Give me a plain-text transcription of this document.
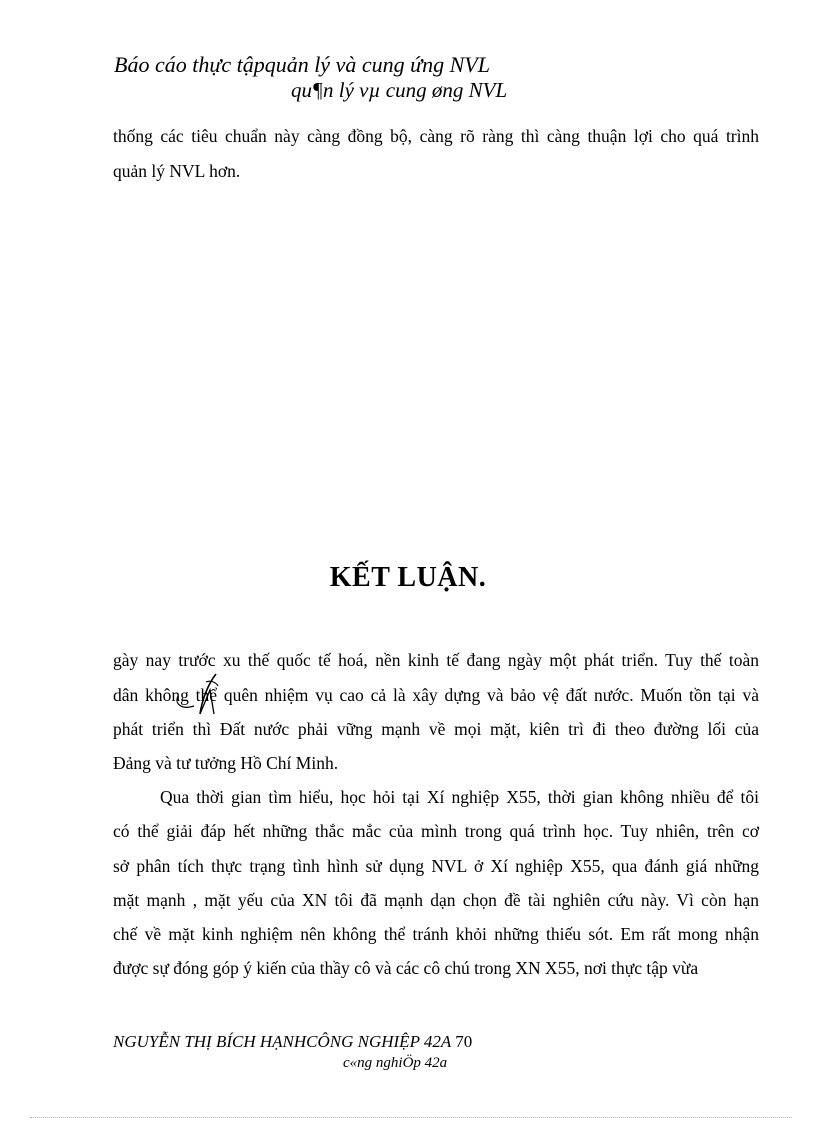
Báo cáo thực tậpquản lý và cung ứng NVL
qu¶n lý vµ cung øng NVL
thống các tiêu chuẩn này càng đồng bộ, càng rõ ràng thì càng thuận lợi cho quá trình
quản lý NVL hơn.
KẾT LUẬN.
gày nay trước xu thế quốc tế hoá, nền kinh tế đang ngày một phát triển. Tuy thế toàn
dân không thể quên nhiệm vụ cao cả là xây dựng và bảo vệ đất nước. Muốn tồn tại và
phát triển thì Đất nước phải vững mạnh về mọi mặt, kiên trì đi theo đường lối của
Đảng và tư tưởng Hồ Chí Minh.
Qua thời gian tìm hiểu, học hỏi tại Xí nghiệp X55, thời gian không nhiều để tôi
có thể giải đáp hết những thắc mắc của mình trong quá trình học. Tuy nhiên, trên cơ
sở phân tích thực trạng tình hình sử dụng NVL ở Xí nghiệp X55, qua đánh giá những
mặt mạnh , mặt yếu của XN tôi đã mạnh dạn chọn đề tài nghiên cứu này. Vì còn hạn
chế về mặt kinh nghiệm nên không thể tránh khỏi những thiếu sót. Em rất mong nhận
được sự đóng góp ý kiến của thầy cô và các cô chú trong XN X55, nơi thực tập vừa
NGUYỄN THỊ BÍCH HẠNHCÔNG NGHIỆP 42A 70
c«ng nghiÖp 42a
